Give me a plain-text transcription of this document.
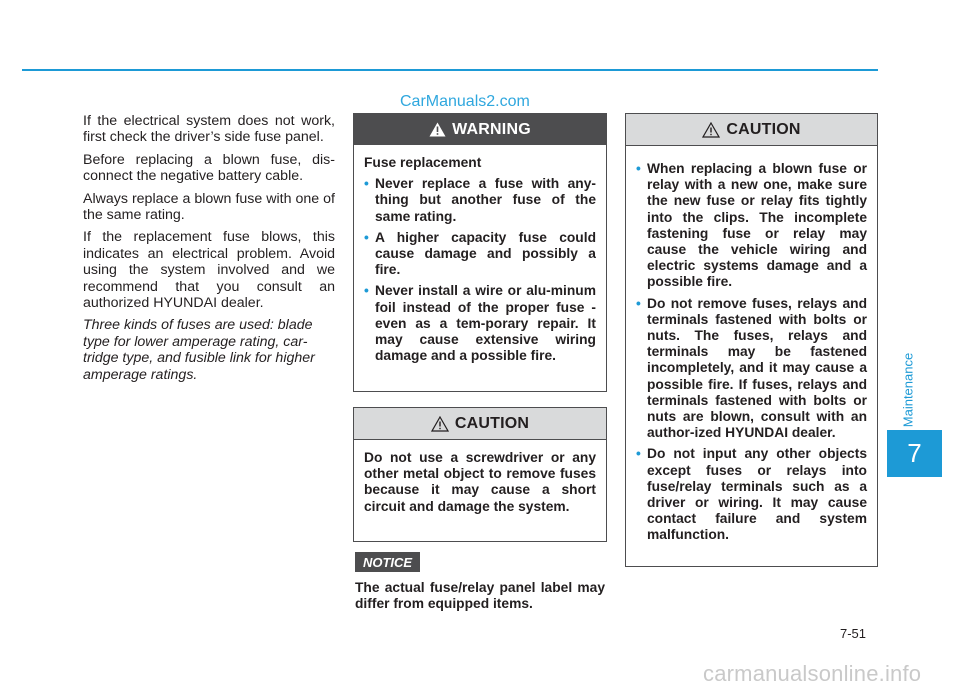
CarManuals2.com

If the electrical system does not work, first check the driver’s side fuse panel.

Before replacing a blown fuse, dis-connect the negative battery cable.

Always replace a blown fuse with one of the same rating.

If the replacement fuse blows, this indicates an electrical problem. Avoid using the system involved and we recommend that you consult an authorized HYUNDAI dealer.

Three kinds of fuses are used: blade type for lower amperage rating, car-tridge type, and fusible link for higher amperage ratings.

WARNING
Fuse replacement
• Never replace a fuse with any-thing but another fuse of the same rating.
• A higher capacity fuse could cause damage and possibly a fire.
• Never install a wire or alu-minum foil instead of the proper fuse - even as a tem-porary repair. It may cause extensive wiring damage and a possible fire.
CAUTION

Do not use a screwdriver or any other metal object to remove fuses because it may cause a short circuit and damage the system.

NOTICE
The actual fuse/relay panel label may differ from equipped items.
CAUTION
• When replacing a blown fuse or relay with a new one, make sure the new fuse or relay fits tightly into the clips. The incomplete fastening fuse or relay may cause the vehicle wiring and electric systems damage and a possible fire.
• Do not remove fuses, relays and terminals fastened with bolts or nuts. The fuses, relays and terminals may be fastened incompletely, and it may cause a possible fire. If fuses, relays and terminals fastened with bolts or nuts are blown, consult with an author-ized HYUNDAI dealer.
• Do not input any other objects except fuses or relays into fuse/relay terminals such as a driver or wiring. It may cause contact failure and system malfunction.
Maintenance
7
7-51
carmanualsonline.info
